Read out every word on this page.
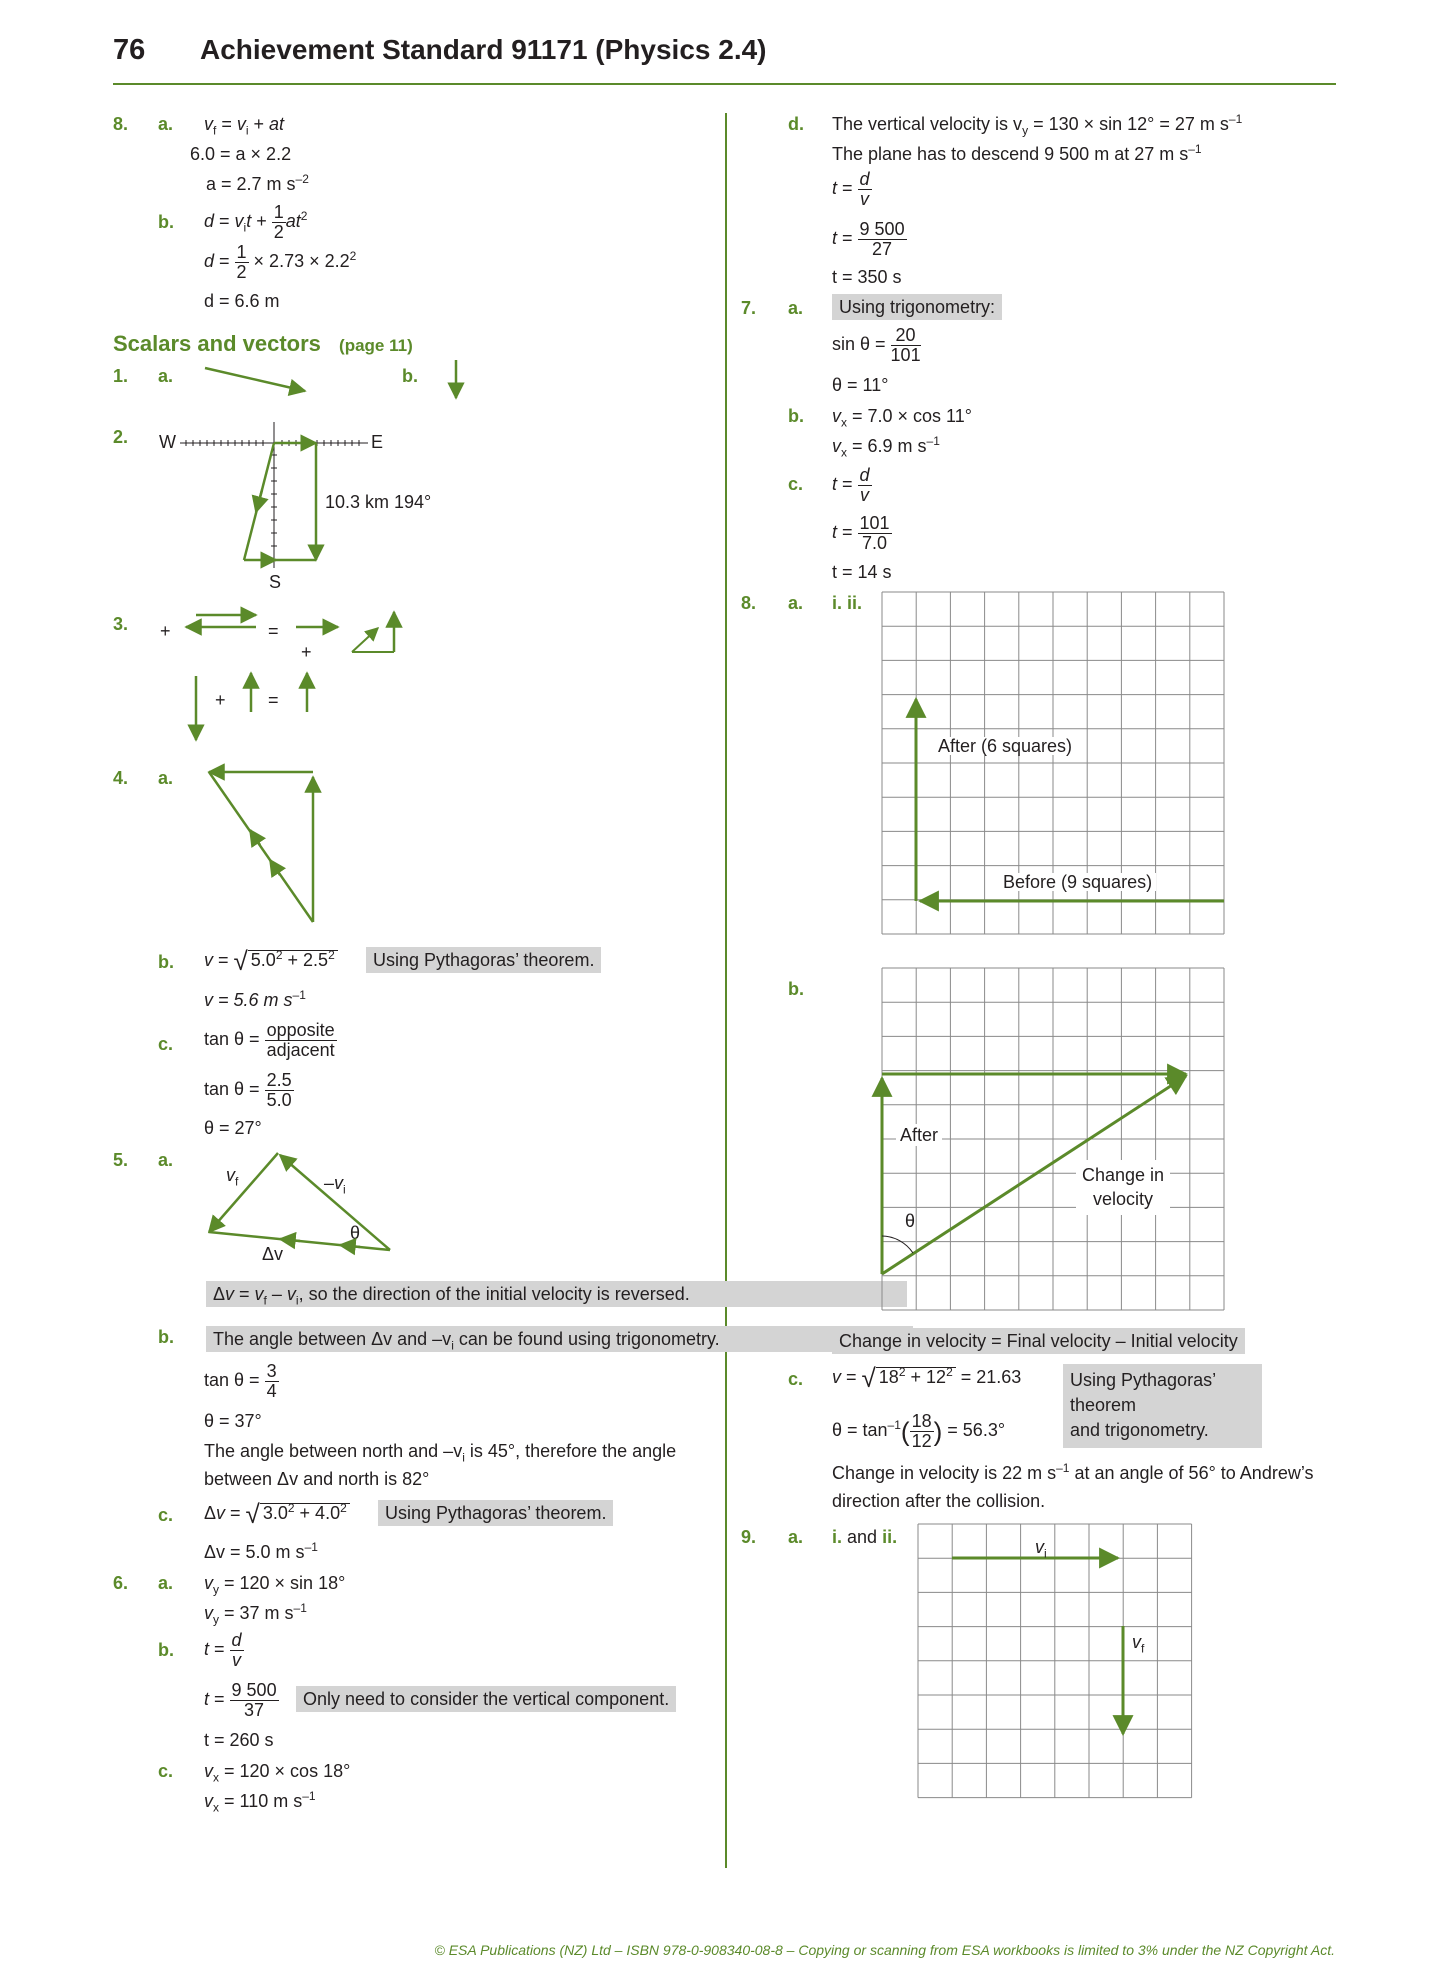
76 Achievement Standard 91171 (Physics 2.4)
8. a. $v_f = v_i$ + at
6.0 = a × 2.2
a = 2.7 m $s^{-2}$
b. $d = v_it + \frac{1}{2} at^2$
$d = \frac{1}{2} \times 2.73 \times 2.2^2$
d = 6.6 m
Scalars and vectors (page 11)
1. a.	b.
2. W	E
S
10.3 km 194°
3. +	=
+
+ =
4. a.
b. v = √ $5.0^2 + 2.5^2$	Using Pythagoras’ theorem.
v = 5.6 m $s^{-1}$
c. $\tan \theta = \frac{\text{opposite}}{\text{adjacent}}$
$\tan \theta = \frac{2.5}{5.0}$
θ = 27°
5. a.
$v_f$	$-v_i$
θ
Δv
$\Delta v = v_f - v_i$, so the direction of the initial velocity is reversed.
b.	The angle between Δv and $-v_i$ can be found using trigonometry.
$\tan \theta = \frac{3}{4}$
θ = 37°
The angle between north and $-v_i$ is 45°, therefore the angle
between Δv and north is 82°
c. Δv = √ $3.0^2 + 4.0^2$	Using Pythagoras’ theorem.
Δv = 5.0 m $s^{-1}$
6. a. $v_y = 120 \times \sin 18^\circ$
$v_y = 37$ m $s^{-1}$
b. $t = \frac{d}{v}$
$t = \frac{9 500}{37}$	Only need to consider the vertical component.
t = 260 s
c. $v_x = 120 \times \cos 18^\circ$
$v_x = 110$ m $s^{-1}$
d. The vertical velocity is $v_y = 130 \times \sin 12^\circ = 27$ m $s^{-1}$
The plane has to descend 9 500 m at 27 m $s^{-1}$
$t = \frac{d}{v}$
$t = \frac{9 500}{27}$
t = 350 s
7. a.	Using trigonometry:
$\sin \theta = \frac{20}{101}$
θ = 11°
b. $v_x = 7.0 \times \cos 11^\circ$
$v_x = 6.9$ m $s^{-1}$
c. $t = \frac{d}{v}$
$t = \frac{101}{7.0}$
t = 14 s
8. a. i. ii.
After (6 squares)
Before (9 squares)
b.
After
Change in
velocity
θ
Change in velocity = Final velocity – Initial velocity
c. v = √ $18^2 + 12^2 = 21.63$	Using Pythagoras’ theorem
and trigonometry.
$\theta = \tan^{-1}( \frac{18}{12}$ ) = 56.3°
Change in velocity is 22 m $s^{-1}$ at an angle of 56° to Andrew’s
direction after the collision.
9. a. i. and ii.	$v_i$
$v_f$
© ESA Publications (NZ) Ltd – ISBN 978-0-908340-08-8 – Copying or scanning from ESA workbooks is limited to 3% under the NZ Copyright Act.
